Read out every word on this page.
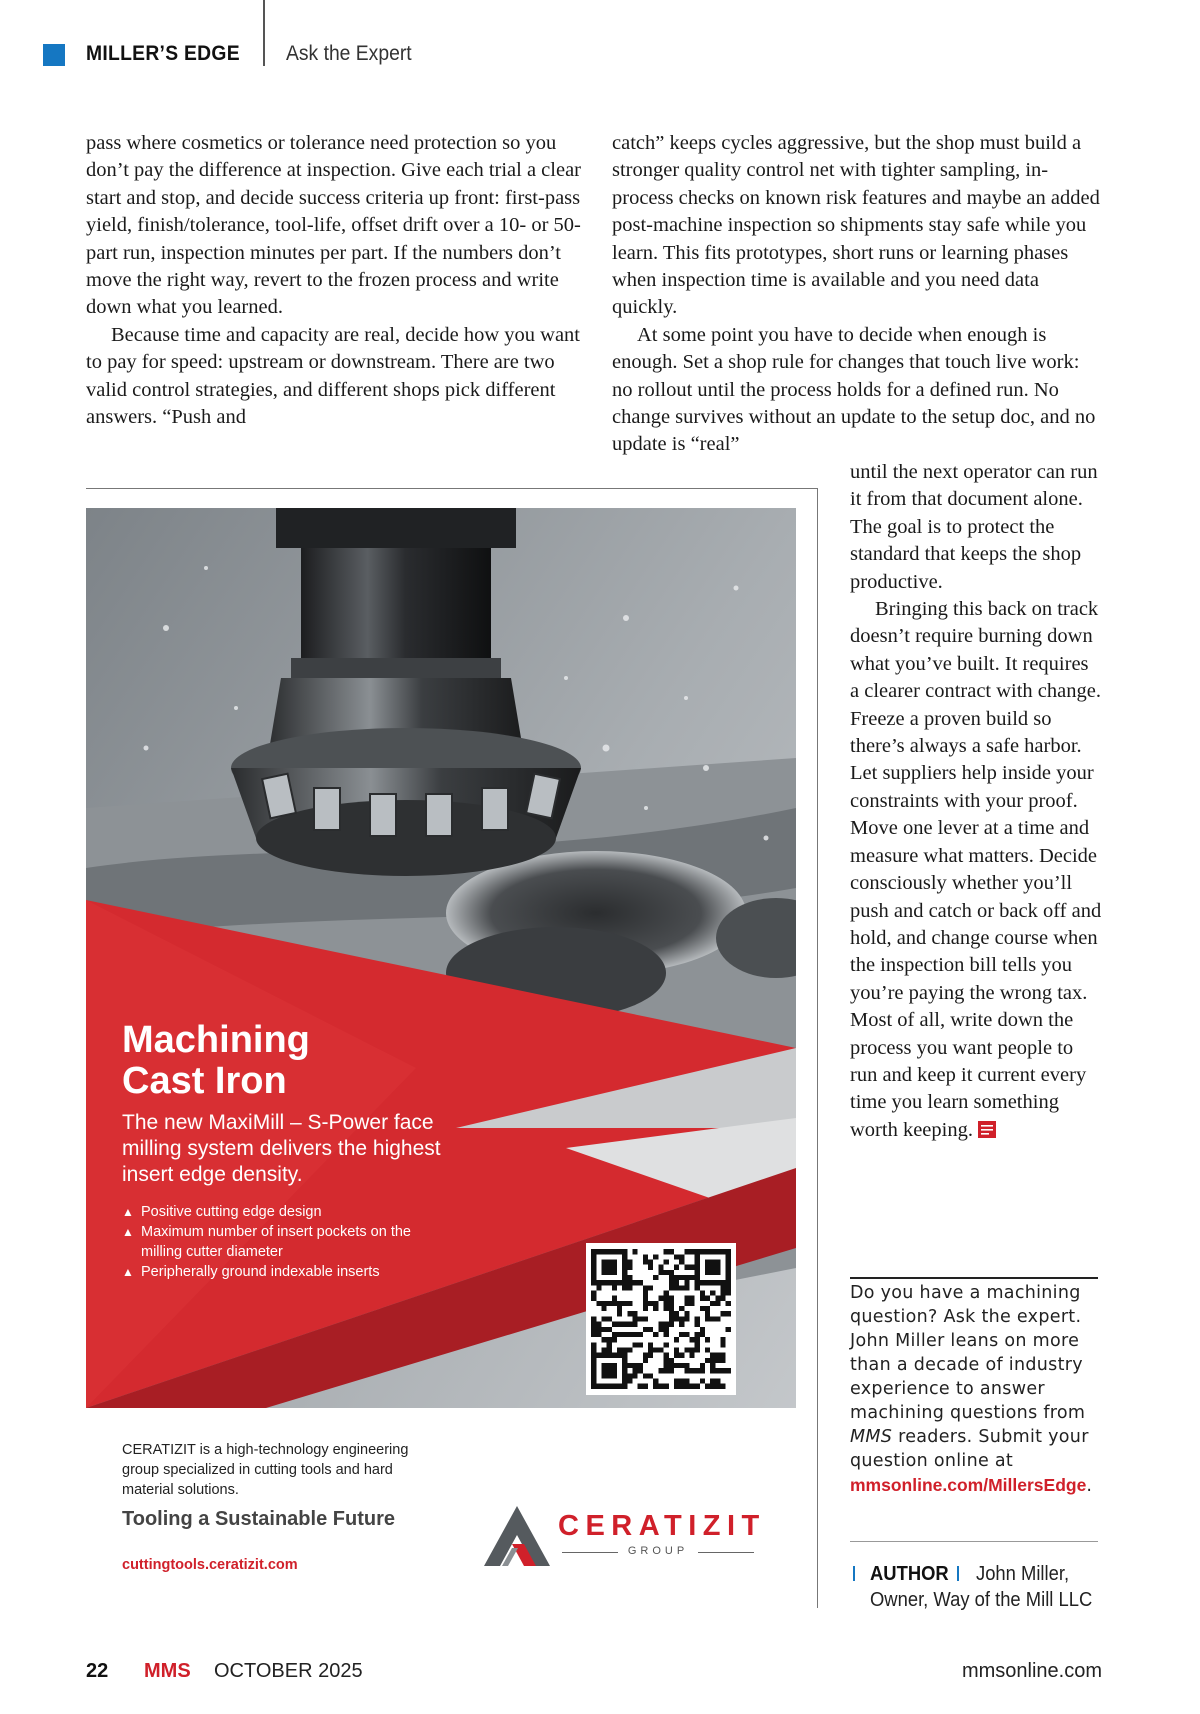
MILLER’S EDGE Ask the Expert

pass where cosmetics or tolerance need protection so you don’t pay the difference at inspection. Give each trial a clear start and stop, and decide success criteria up front: first-pass yield, finish/tolerance, tool-life, offset drift over a 10- or 50-part run, inspection minutes per part. If the numbers don’t move the right way, revert to the frozen process and write down what you learned.

Because time and capacity are real, decide how you want to pay for speed: upstream or downstream. There are two valid control strategies, and different shops pick different answers. “Push and

catch” keeps cycles aggressive, but the shop must build a stronger quality control net with tighter sampling, in-process checks on known risk features and maybe an added post-machine inspection so shipments stay safe while you learn. This fits prototypes, short runs or learning phases when inspection time is available and you need data quickly.

At some point you have to decide when enough is enough. Set a shop rule for changes that touch live work: no rollout until the process holds for a defined run. No change survives without an update to the setup doc, and no update is “real”

until the next operator can run it from that document alone. The goal is to protect the standard that keeps the shop productive.

Bringing this back on track doesn’t require burning down what you’ve built. It requires a clearer contract with change. Freeze a proven build so there’s always a safe harbor. Let suppliers help inside your constraints with your proof. Move one lever at a time and measure what matters. Decide consciously whether you’ll push and catch or back off and hold, and change course when the inspection bill tells you you’re paying the wrong tax. Most of all, write down the process you want people to run and keep it current every time you learn something worth keeping.

Machining
Cast Iron
The new MaxiMill – S-Power face milling system delivers the highest insert edge density.
▲ Positive cutting edge design
▲ Maximum number of insert pockets on the milling cutter diameter
▲ Peripherally ground indexable inserts
CERATIZIT is a high-technology engineering group specialized in cutting tools and hard material solutions.
Tooling a Sustainable Future
cuttingtools.ceratizit.com
CERATIZIT
GROUP
Do you have a machining question? Ask the expert. John Miller leans on more than a decade of industry experience to answer machining questions from MMS readers. Submit your question online at mmsonline.com/MillersEdge.
AUTHOR John Miller,
Owner, Way of the Mill LLC
22 MMS OCTOBER 2025	mmsonline.com
